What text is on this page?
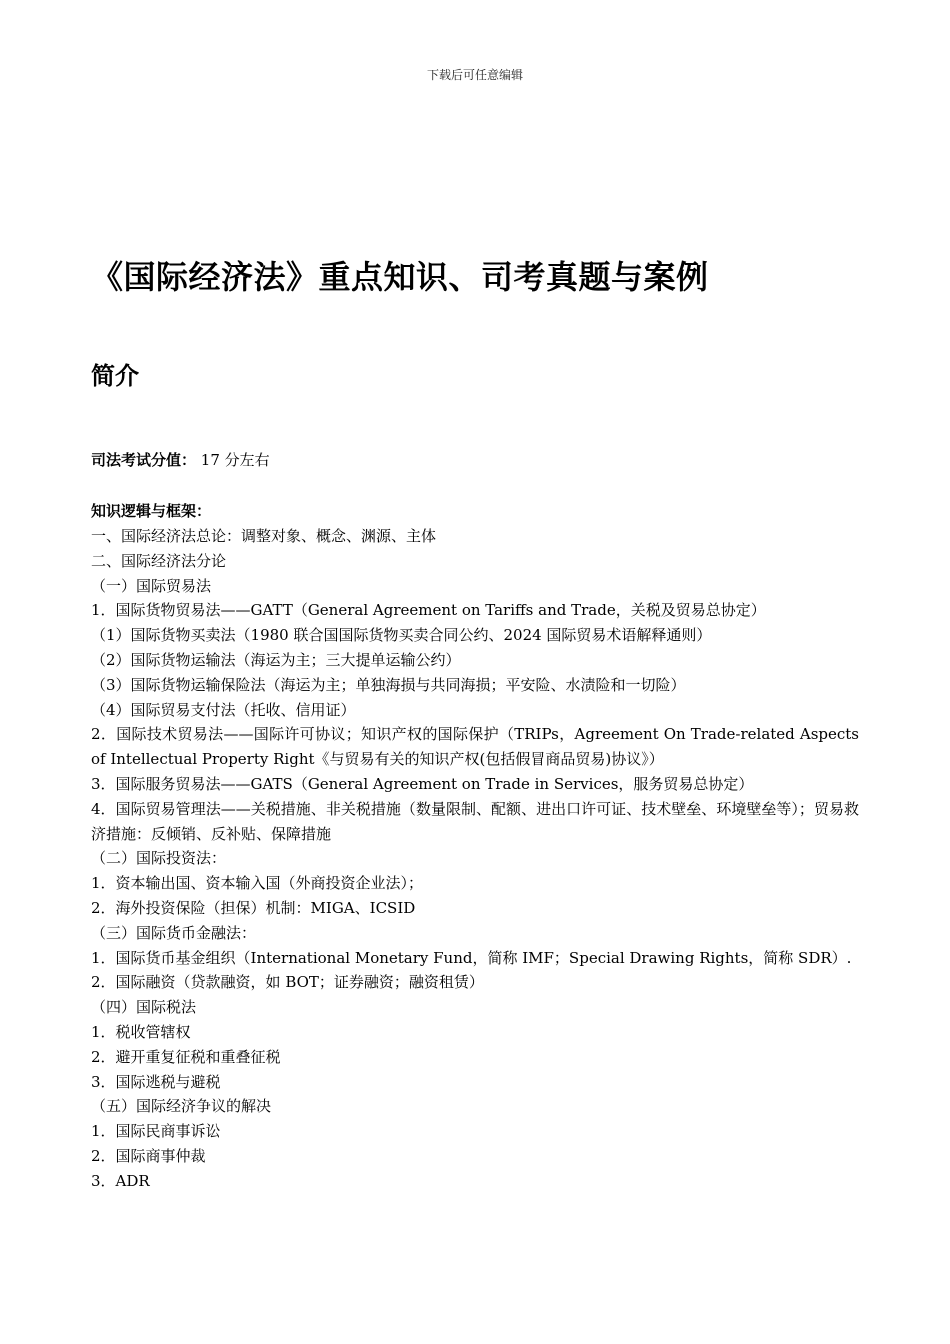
下载后可任意编辑
《国际经济法》重点知识、司考真题与案例
简介
司法考试分值： 17 分左右
知识逻辑与框架：
一、国际经济法总论：调整对象、概念、渊源、主体
二、国际经济法分论
（一）国际贸易法
1．国际货物贸易法——GATT（General Agreement on Tariffs and Trade，关税及贸易总协定）
（1）国际货物买卖法（1980 联合国国际货物买卖合同公约、2024 国际贸易术语解释通则）
（2）国际货物运输法（海运为主；三大提单运输公约）
（3）国际货物运输保险法（海运为主；单独海损与共同海损；平安险、水渍险和一切险）
（4）国际贸易支付法（托收、信用证）
2．国际技术贸易法——国际许可协议；知识产权的国际保护（TRIPs，Agreement On Trade-related Aspects of Intellectual Property Right《与贸易有关的知识产权(包括假冒商品贸易)协议》）
3．国际服务贸易法——GATS（General Agreement on Trade in Services，服务贸易总协定）
4．国际贸易管理法——关税措施、非关税措施（数量限制、配额、进出口许可证、技术壁垒、环境壁垒等）；贸易救济措施：反倾销、反补贴、保障措施
（二）国际投资法：
1．资本输出国、资本输入国（外商投资企业法）；
2．海外投资保险（担保）机制：MIGA、ICSID
（三）国际货币金融法：
1．国际货币基金组织（International Monetary Fund，简称 IMF；Special Drawing Rights，简称 SDR）.
2．国际融资（贷款融资，如 BOT；证券融资；融资租赁）
（四）国际税法
1．税收管辖权
2．避开重复征税和重叠征税
3．国际逃税与避税
（五）国际经济争议的解决
1．国际民商事诉讼
2．国际商事仲裁
3．ADR
